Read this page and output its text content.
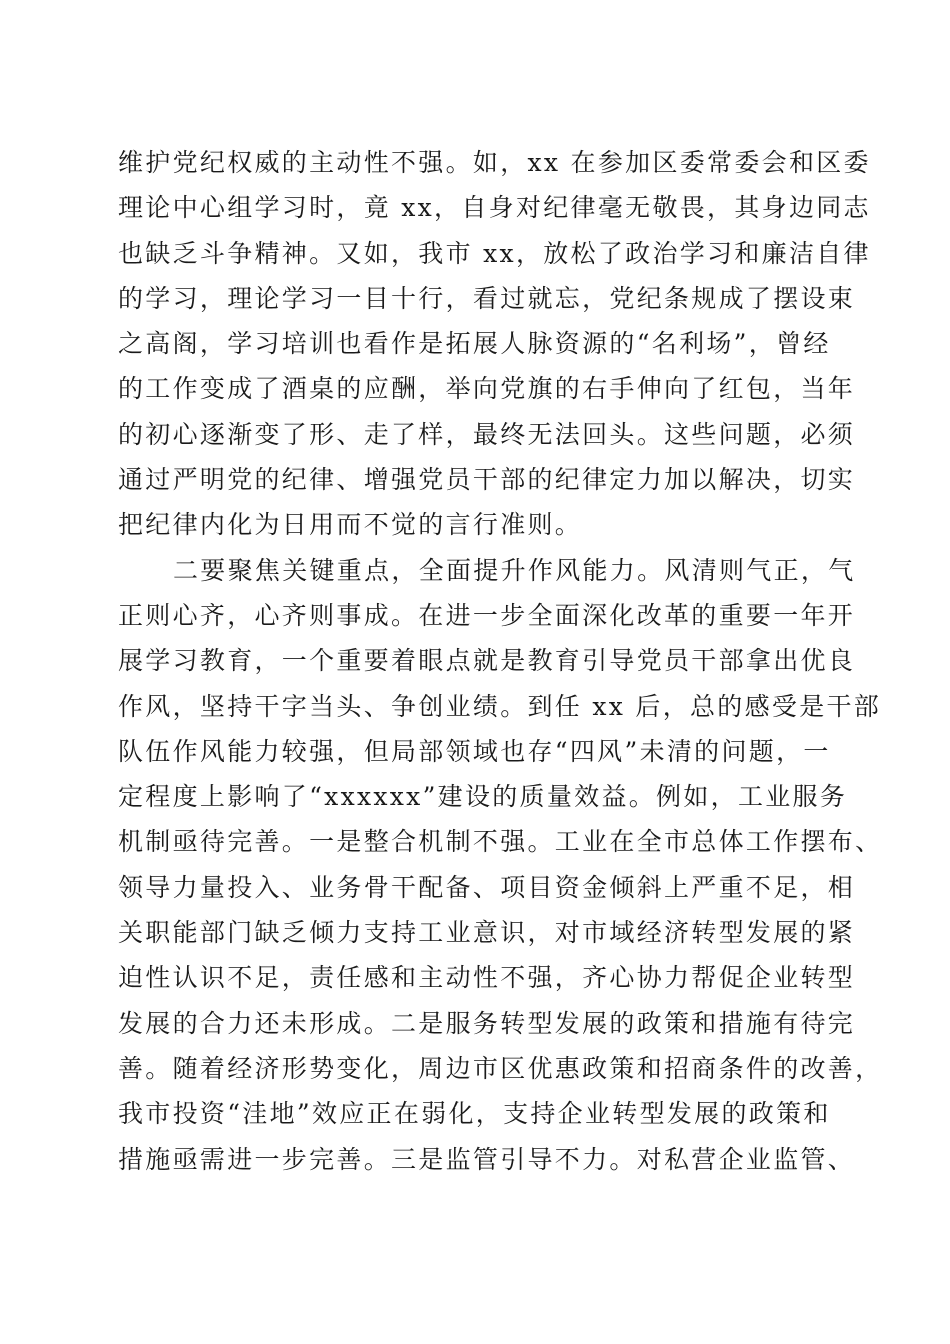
维护党纪权威的主动性不强。如，xx 在参加区委常委会和区委
理论中心组学习时，竟 xx，自身对纪律毫无敬畏，其身边同志
也缺乏斗争精神。又如，我市 xx，放松了政治学习和廉洁自律
的学习，理论学习一目十行，看过就忘，党纪条规成了摆设束
之高阁，学习培训也看作是拓展人脉资源的“名利场”，曾经
的工作变成了酒桌的应酬，举向党旗的右手伸向了红包，当年
的初心逐渐变了形、走了样，最终无法回头。这些问题，必须
通过严明党的纪律、增强党员干部的纪律定力加以解决，切实
把纪律内化为日用而不觉的言行准则。
二要聚焦关键重点，全面提升作风能力。风清则气正，气
正则心齐，心齐则事成。在进一步全面深化改革的重要一年开
展学习教育，一个重要着眼点就是教育引导党员干部拿出优良
作风，坚持干字当头、争创业绩。到任 xx 后，总的感受是干部
队伍作风能力较强，但局部领域也存“四风”未清的问题，一
定程度上影响了“xxxxxx”建设的质量效益。例如，工业服务
机制亟待完善。一是整合机制不强。工业在全市总体工作摆布、
领导力量投入、业务骨干配备、项目资金倾斜上严重不足，相
关职能部门缺乏倾力支持工业意识，对市域经济转型发展的紧
迫性认识不足，责任感和主动性不强，齐心协力帮促企业转型
发展的合力还未形成。二是服务转型发展的政策和措施有待完
善。随着经济形势变化，周边市区优惠政策和招商条件的改善，
我市投资“洼地”效应正在弱化，支持企业转型发展的政策和
措施亟需进一步完善。三是监管引导不力。对私营企业监管、
